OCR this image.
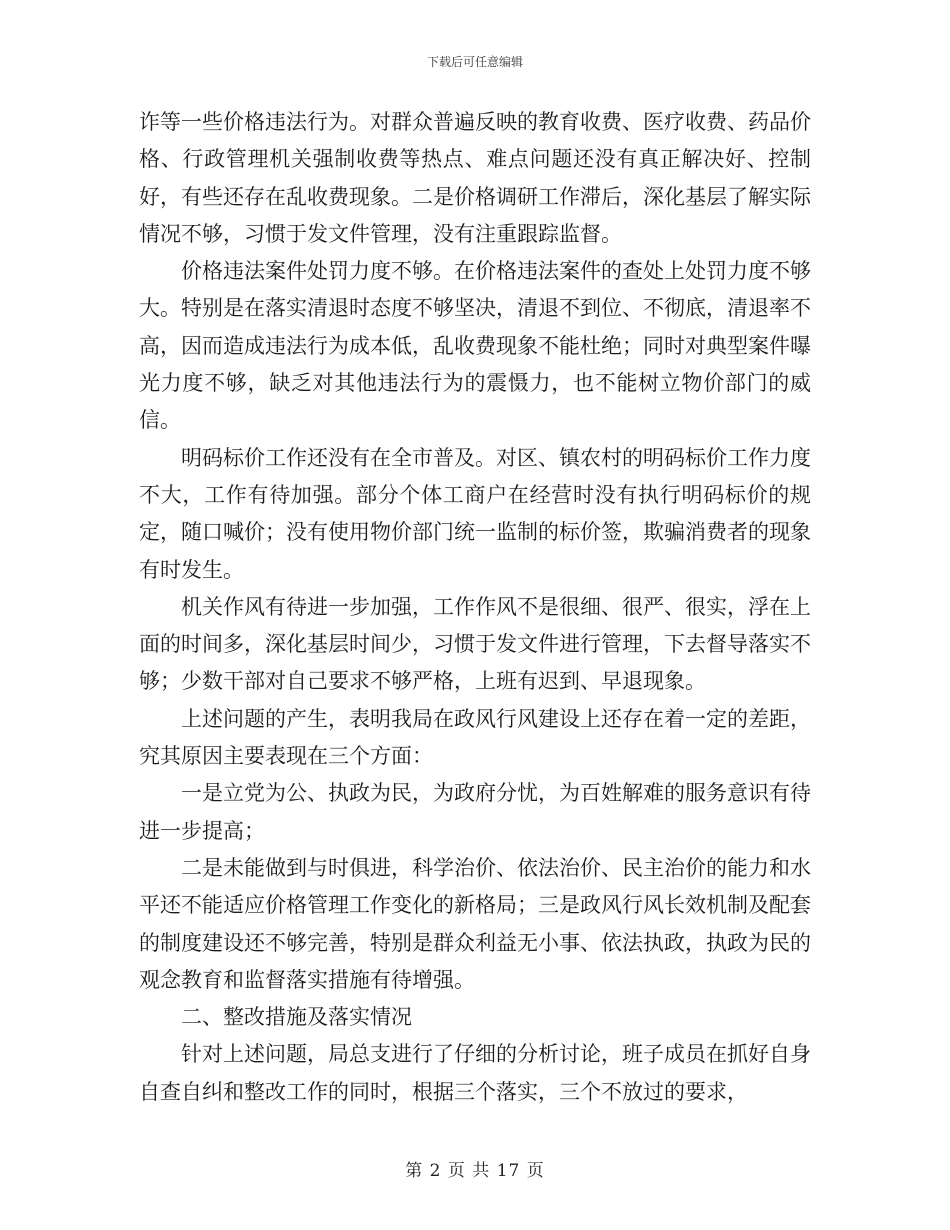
下载后可任意编辑

诈等一些价格违法行为。对群众普遍反映的教育收费、医疗收费、药品价格、行政管理机关强制收费等热点、难点问题还没有真正解决好、控制好，有些还存在乱收费现象。二是价格调研工作滞后，深化基层了解实际情况不够，习惯于发文件管理，没有注重跟踪监督。

价格违法案件处罚力度不够。在价格违法案件的查处上处罚力度不够大。特别是在落实清退时态度不够坚决，清退不到位、不彻底，清退率不高，因而造成违法行为成本低，乱收费现象不能杜绝；同时对典型案件曝光力度不够，缺乏对其他违法行为的震慑力，也不能树立物价部门的威信。

明码标价工作还没有在全市普及。对区、镇农村的明码标价工作力度不大，工作有待加强。部分个体工商户在经营时没有执行明码标价的规定，随口喊价；没有使用物价部门统一监制的标价签，欺骗消费者的现象有时发生。

机关作风有待进一步加强，工作作风不是很细、很严、很实，浮在上面的时间多，深化基层时间少，习惯于发文件进行管理，下去督导落实不够；少数干部对自己要求不够严格，上班有迟到、早退现象。

上述问题的产生，表明我局在政风行风建设上还存在着一定的差距，究其原因主要表现在三个方面：

一是立党为公、执政为民，为政府分忧，为百姓解难的服务意识有待进一步提高；

二是未能做到与时俱进，科学治价、依法治价、民主治价的能力和水平还不能适应价格管理工作变化的新格局；三是政风行风长效机制及配套的制度建设还不够完善，特别是群众利益无小事、依法执政，执政为民的观念教育和监督落实措施有待增强。

二、整改措施及落实情况

针对上述问题，局总支进行了仔细的分析讨论，班子成员在抓好自身自查自纠和整改工作的同时，根据三个落实，三个不放过的要求，

第 2 页 共 17 页
